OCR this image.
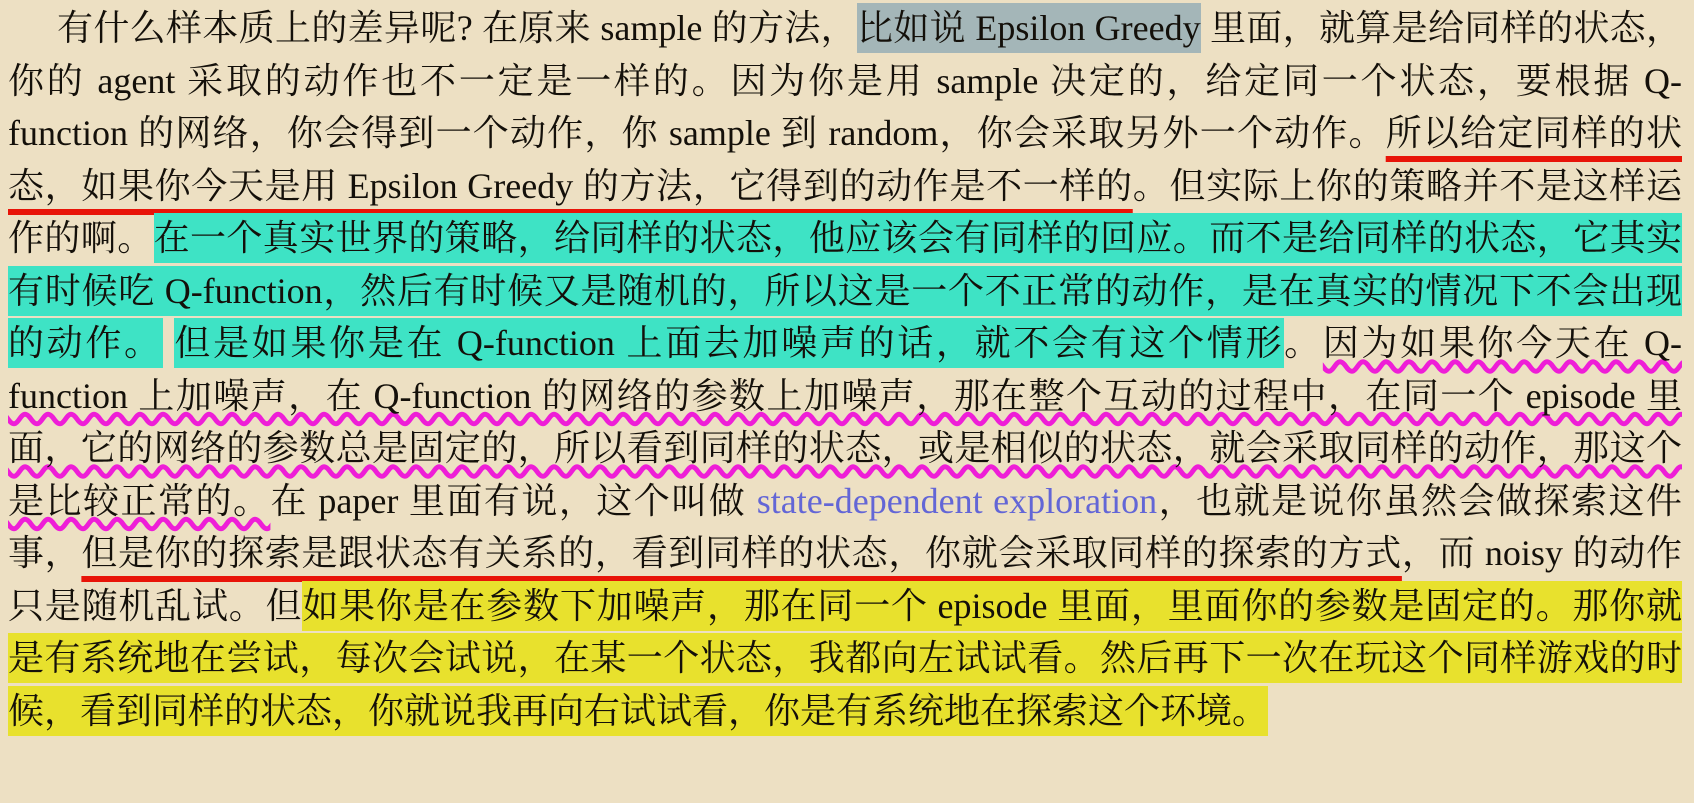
有什么样本质上的差异呢? 在原来 sample 的方法，比如说 Epsilon Greedy 里面，就算是给同样的状态，你的 agent 采取的动作也不一定是一样的。因为你是用 sample 决定的，给定同一个状态，要根据 Q-function 的网络，你会得到一个动作，你 sample 到 random，你会采取另外一个动作。所以给定同样的状态，如果你今天是用 Epsilon Greedy 的方法，它得到的动作是不一样的。但实际上你的策略并不是这样运作的啊。在一个真实世界的策略，给同样的状态，他应该会有同样的回应。而不是给同样的状态，它其实有时候吃 Q-function，然后有时候又是随机的，所以这是一个不正常的动作，是在真实的情况下不会出现的动作。 但是如果你是在 Q-function 上面去加噪声的话，就不会有这个情形。因为如果你今天在 Q-function 上加噪声，在 Q-function 的网络的参数上加噪声，那在整个互动的过程中，在同一个 episode 里面，它的网络的参数总是固定的，所以看到同样的状态，或是相似的状态，就会采取同样的动作，那这个是比较正常的。在 paper 里面有说，这个叫做 state-dependent exploration，也就是说你虽然会做探索这件事，但是你的探索是跟状态有关系的，看到同样的状态，你就会采取同样的探索的方式，而 noisy 的动作只是随机乱试。但如果你是在参数下加噪声，那在同一个 episode 里面，里面你的参数是固定的。那你就是有系统地在尝试，每次会试说，在某一个状态，我都向左试试看。然后再下一次在玩这个同样游戏的时候，看到同样的状态，你就说我再向右试试看，你是有系统地在探索这个环境。
